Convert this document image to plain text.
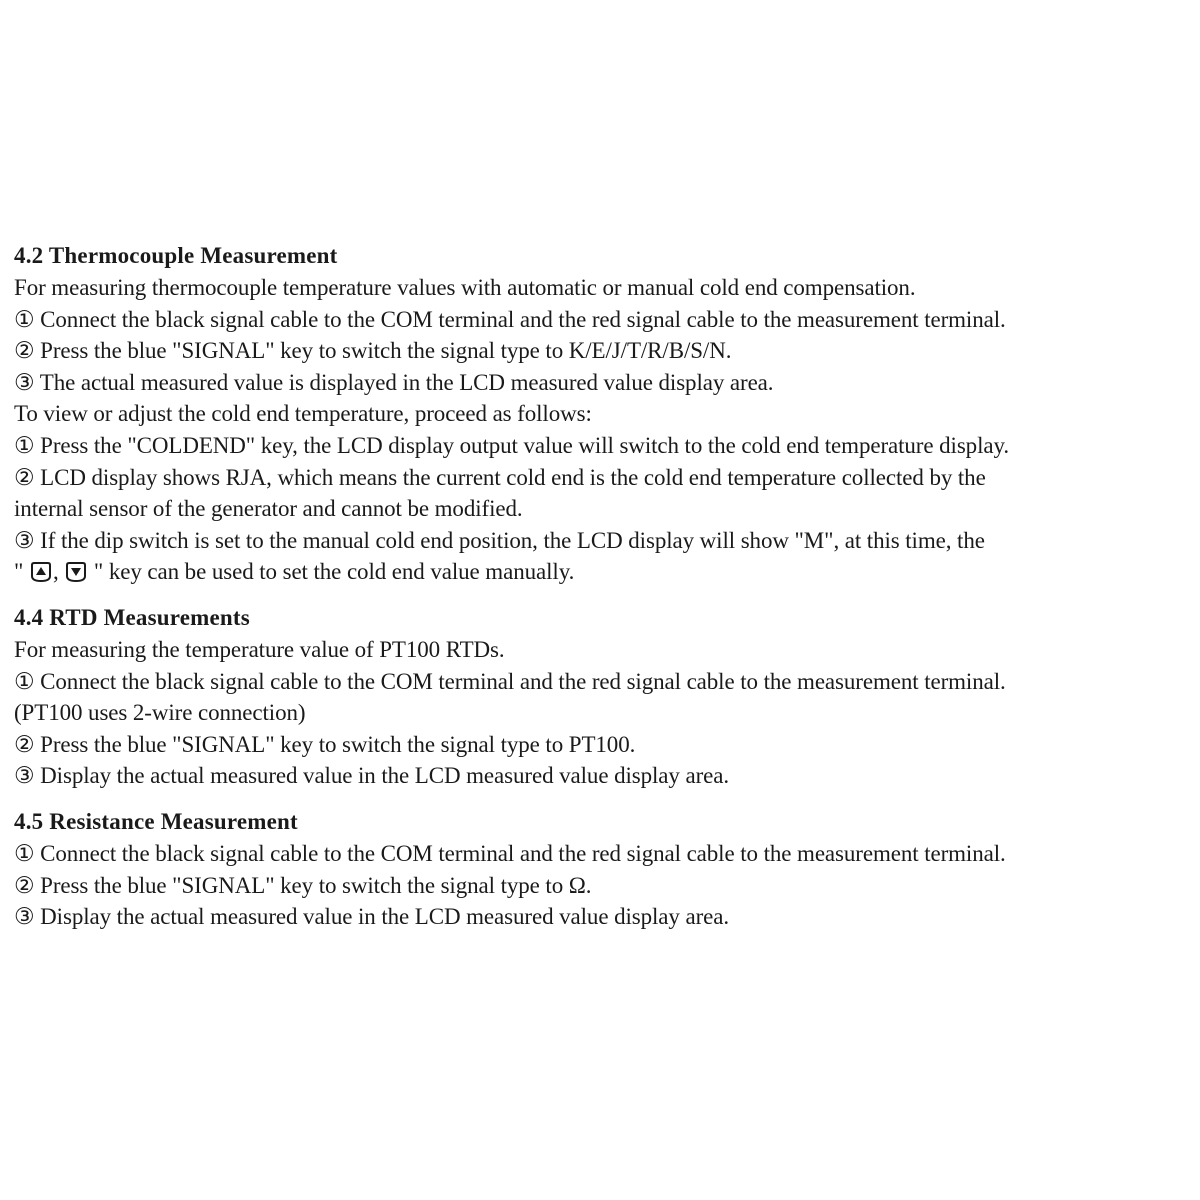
4.2 Thermocouple Measurement
For measuring thermocouple temperature values with automatic or manual cold end compensation.
① Connect the black signal cable to the COM terminal and the red signal cable to the measurement terminal.
② Press the blue "SIGNAL" key to switch the signal type to K/E/J/T/R/B/S/N.
③ The actual measured value is displayed in the LCD measured value display area.
To view or adjust the cold end temperature, proceed as follows:
① Press the "COLDEND" key, the LCD display output value will switch to the cold end temperature display.
② LCD display shows RJA, which means the current cold end is the cold end temperature collected by the
internal sensor of the generator and cannot be modified.
③ If the dip switch is set to the manual cold end position, the LCD display will show "M", at this time, the
" , " key can be used to set the cold end value manually.
4.4 RTD Measurements
For measuring the temperature value of PT100 RTDs.
① Connect the black signal cable to the COM terminal and the red signal cable to the measurement terminal.
(PT100 uses 2-wire connection)
② Press the blue "SIGNAL" key to switch the signal type to PT100.
③ Display the actual measured value in the LCD measured value display area.
4.5 Resistance Measurement
① Connect the black signal cable to the COM terminal and the red signal cable to the measurement terminal.
② Press the blue "SIGNAL" key to switch the signal type to Ω.
③ Display the actual measured value in the LCD measured value display area.
